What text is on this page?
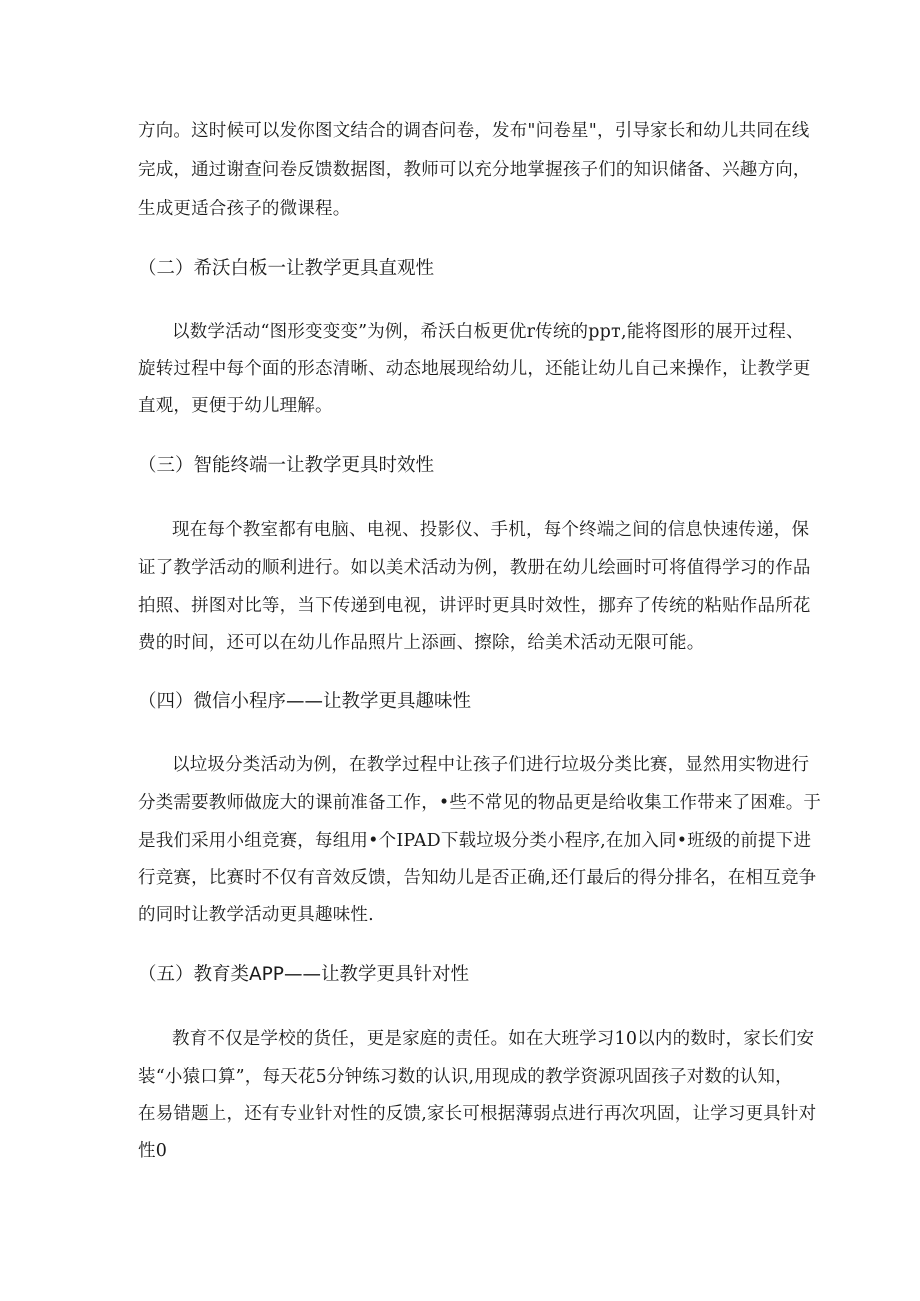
方向。这时候可以发你图文结合的调杳问卷，发布"问卷星"，引导家长和幼儿共同在线
完成，通过谢查问卷反馈数据图，教师可以充分地掌握孩子们的知识储备、兴趣方向，
生成更适合孩子的微课程。
（二）希沃白板一让教学更具直观性
以数学活动“图形变变变”为例，希沃白板更优r传统的ppт,能将图形的展开过程、
旋转过程中每个面的形态清晰、动态地展现给幼儿，还能让幼儿自己来操作，让教学更
直观，更便于幼儿理解。
（三）智能终端一让教学更具时效性
现在每个教室都有电脑、电视、投影仪、手机，每个终端之间的信息快速传递，保
证了教学活动的顺利进行。如以美术活动为例，教册在幼儿绘画时可将值得学习的作品
拍照、拼图对比等，当下传递到电视，讲评时更具时效性，挪弃了传统的粘贴作品所花
费的时间，还可以在幼儿作品照片上添画、擦除，给美术活动无限可能。
（四）微信小程序——让教学更具趣味性
以垃圾分类活动为例，在教学过程中让孩子们进行垃圾分类比赛，显然用实物进行
分类需要教师做庞大的课前准备工作，•些不常见的物品更是给收集工作带来了困难。于
是我们采用小组竞赛，每组用•个IPAD下载垃圾分类小程序,在加入同•班级的前提下进
行竞赛，比赛时不仅有音效反馈，告知幼儿是否正确,还仃最后的得分排名，在相互竞争
的同时让教学活动更具趣味性.
（五）教育类APP——让教学更具针对性
教育不仅是学校的货任，更是家庭的责任。如在大班学习10以内的数时，家长们安
装“小猿口算”，每天花5分钟练习数的认识,用现成的教学资源巩固孩子对数的认知，
在易错题上，还有专业针对性的反馈,家长可根据薄弱点进行再次巩固，让学习更具针对
性0
